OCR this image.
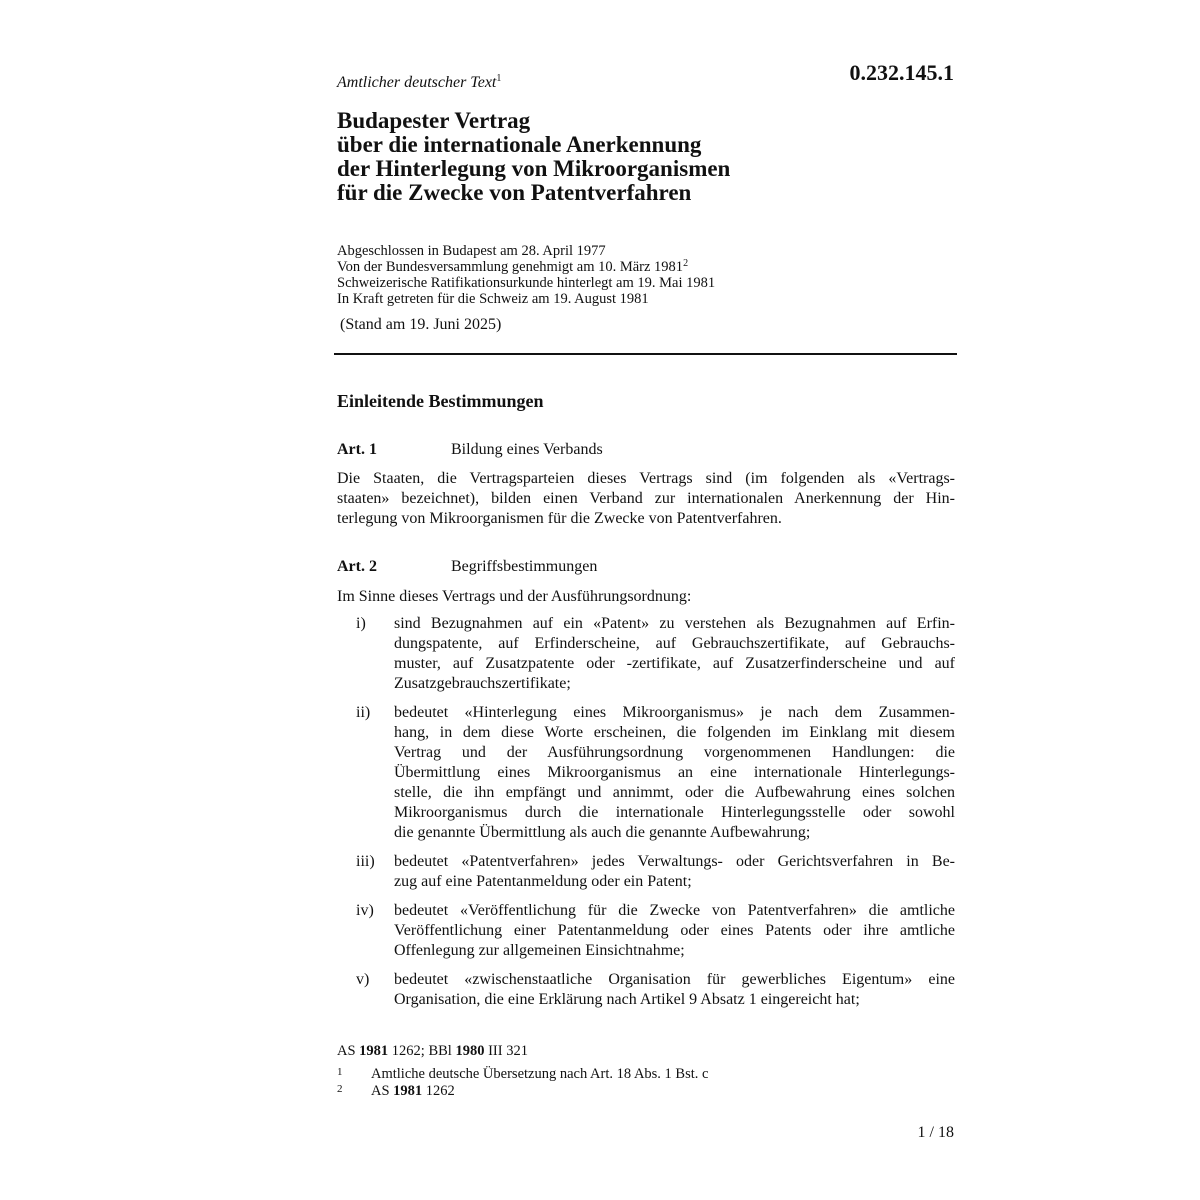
0.232.145.1
Amtlicher deutscher Text$^1$
Budapester Vertrag
über die internationale Anerkennung
der Hinterlegung von Mikroorganismen
für die Zwecke von Patentverfahren
Abgeschlossen in Budapest am 28. April 1977
Von der Bundesversammlung genehmigt am 10. März 1981$^2$
Schweizerische Ratifikationsurkunde hinterlegt am 19. Mai 1981
In Kraft getreten für die Schweiz am 19. August 1981
(Stand am 19. Juni 2025)
Einleitende Bestimmungen
Art. 1	Bildung eines Verbands
Die Staaten, die Vertragsparteien dieses Vertrags sind (im folgenden als «Vertrags-
staaten» bezeichnet), bilden einen Verband zur internationalen Anerkennung der Hin-
terlegung von Mikroorganismen für die Zwecke von Patentverfahren.
Art. 2	Begriffsbestimmungen
Im Sinne dieses Vertrags und der Ausführungsordnung:
i) sind Bezugnahmen auf ein «Patent» zu verstehen als Bezugnahmen auf Erfin-
dungspatente, auf Erfinderscheine, auf Gebrauchszertifikate, auf Gebrauchs-
muster, auf Zusatzpatente oder -zertifikate, auf Zusatzerfinderscheine und auf
Zusatzgebrauchszertifikate;
ii) bedeutet «Hinterlegung eines Mikroorganismus» je nach dem Zusammen-
hang, in dem diese Worte erscheinen, die folgenden im Einklang mit diesem
Vertrag und der Ausführungsordnung vorgenommenen Handlungen: die
Übermittlung eines Mikroorganismus an eine internationale Hinterlegungs-
stelle, die ihn empfängt und annimmt, oder die Aufbewahrung eines solchen
Mikroorganismus durch die internationale Hinterlegungsstelle oder sowohl
die genannte Übermittlung als auch die genannte Aufbewahrung;
iii) bedeutet «Patentverfahren» jedes Verwaltungs- oder Gerichtsverfahren in Be-
zug auf eine Patentanmeldung oder ein Patent;
iv) bedeutet «Veröffentlichung für die Zwecke von Patentverfahren» die amtliche
Veröffentlichung einer Patentanmeldung oder eines Patents oder ihre amtliche
Offenlegung zur allgemeinen Einsichtnahme;
v) bedeutet «zwischenstaatliche Organisation für gewerbliches Eigentum» eine
Organisation, die eine Erklärung nach Artikel 9 Absatz 1 eingereicht hat;
AS 1981 1262; BBl 1980 III 321
1 Amtliche deutsche Übersetzung nach Art. 18 Abs. 1 Bst. c
2 AS 1981 1262
1 / 18
